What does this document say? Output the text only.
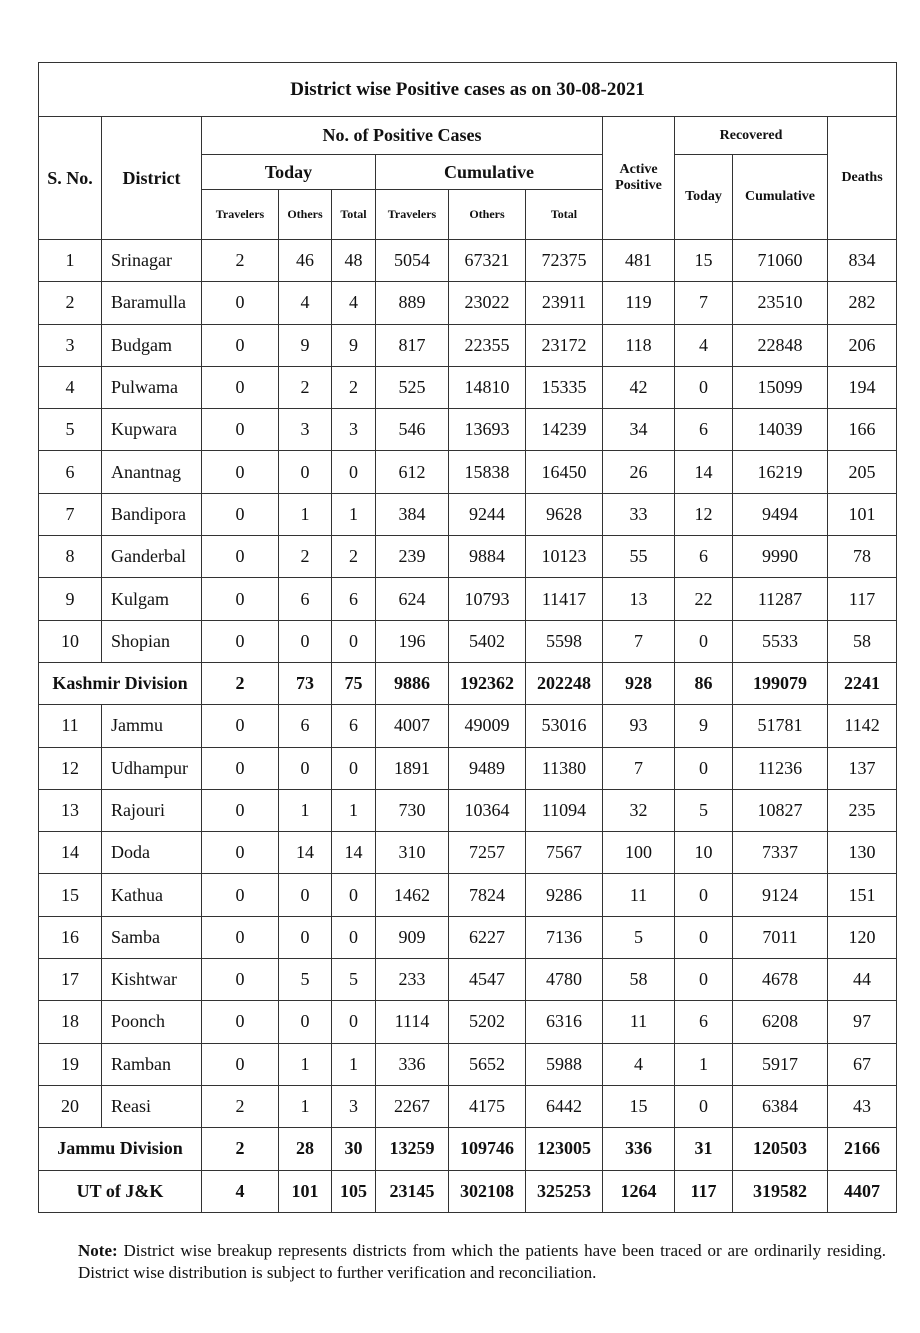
District wise Positive cases as on 30-08-2021											
S. No.	District	No. of Positive Cases						Active Positive	Recovered		Deaths
		Today			Cumulative				Today	Cumulative	
		Travelers	Others	Total	Travelers	Others	Total				
1	Srinagar	2	46	48	5054	67321	72375	481	15	71060	834
2	Baramulla	0	4	4	889	23022	23911	119	7	23510	282
3	Budgam	0	9	9	817	22355	23172	118	4	22848	206
4	Pulwama	0	2	2	525	14810	15335	42	0	15099	194
5	Kupwara	0	3	3	546	13693	14239	34	6	14039	166
6	Anantnag	0	0	0	612	15838	16450	26	14	16219	205
7	Bandipora	0	1	1	384	9244	9628	33	12	9494	101
8	Ganderbal	0	2	2	239	9884	10123	55	6	9990	78
9	Kulgam	0	6	6	624	10793	11417	13	22	11287	117
10	Shopian	0	0	0	196	5402	5598	7	0	5533	58
Kashmir Division		2	73	75	9886	192362	202248	928	86	199079	2241
11	Jammu	0	6	6	4007	49009	53016	93	9	51781	1142
12	Udhampur	0	0	0	1891	9489	11380	7	0	11236	137
13	Rajouri	0	1	1	730	10364	11094	32	5	10827	235
14	Doda	0	14	14	310	7257	7567	100	10	7337	130
15	Kathua	0	0	0	1462	7824	9286	11	0	9124	151
16	Samba	0	0	0	909	6227	7136	5	0	7011	120
17	Kishtwar	0	5	5	233	4547	4780	58	0	4678	44
18	Poonch	0	0	0	1114	5202	6316	11	6	6208	97
19	Ramban	0	1	1	336	5652	5988	4	1	5917	67
20	Reasi	2	1	3	2267	4175	6442	15	0	6384	43
Jammu Division		2	28	30	13259	109746	123005	336	31	120503	2166
UT of J&K		4	101	105	23145	302108	325253	1264	117	319582	4407
Note: District wise breakup represents districts from which the patients have been traced or are ordinarily residing. District wise distribution is subject to further verification and reconciliation.
